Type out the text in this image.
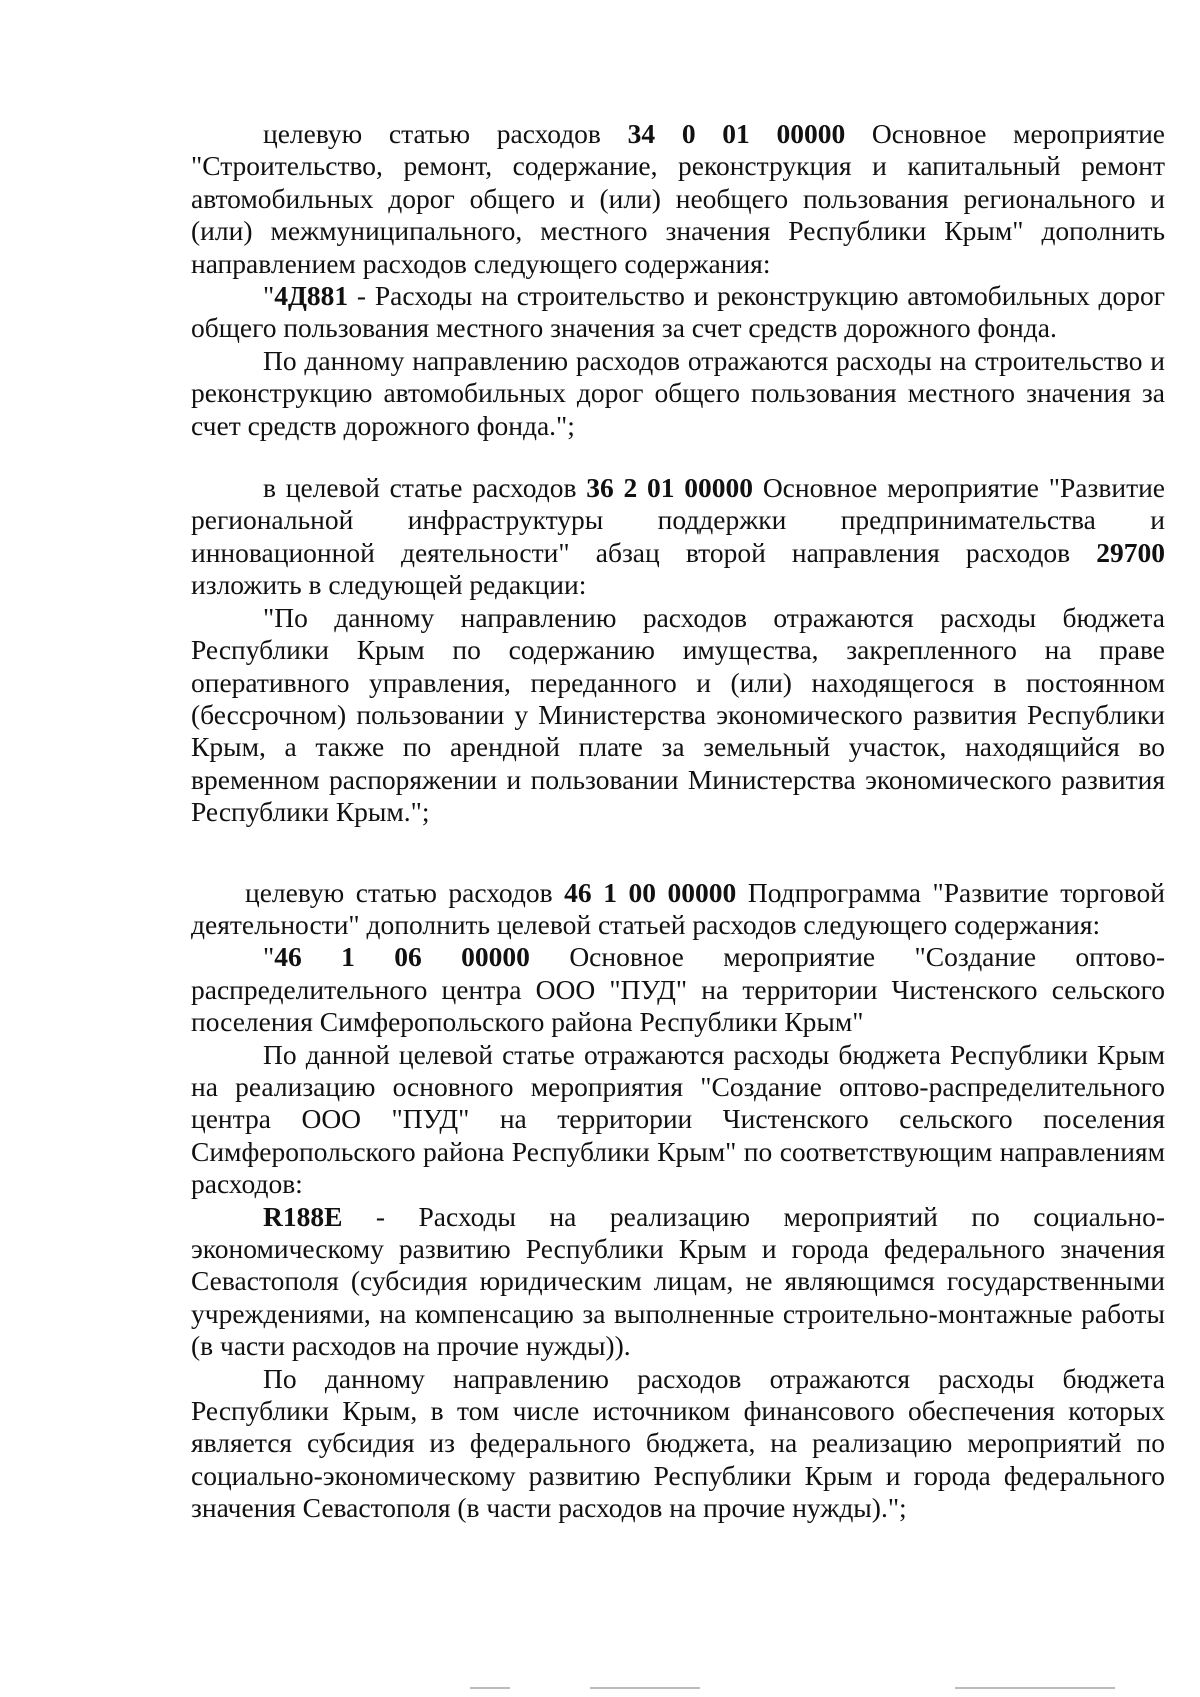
целевую статью расходов 34 0 01 00000 Основное мероприятие "Строительство, ремонт, содержание, реконструкция и капитальный ремонт автомобильных дорог общего и (или) необщего пользования регионального и (или) межмуниципального, местного значения Республики Крым" дополнить направлением расходов следующего содержания:

"4Д881 - Расходы на строительство и реконструкцию автомобильных дорог общего пользования местного значения за счет средств дорожного фонда.

По данному направлению расходов отражаются расходы на строительство и реконструкцию автомобильных дорог общего пользования местного значения за счет средств дорожного фонда.";

в целевой статье расходов 36 2 01 00000 Основное мероприятие "Развитие региональной инфраструктуры поддержки предпринимательства и инновационной деятельности" абзац второй направления расходов 29700 изложить в следующей редакции:

"По данному направлению расходов отражаются расходы бюджета Республики Крым по содержанию имущества, закрепленного на праве оперативного управления, переданного и (или) находящегося в постоянном (бессрочном) пользовании у Министерства экономического развития Республики Крым, а также по арендной плате за земельный участок, находящийся во временном распоряжении и пользовании Министерства экономического развития Республики Крым.";

целевую статью расходов 46 1 00 00000 Подпрограмма "Развитие торговой деятельности" дополнить целевой статьей расходов следующего содержания:

"46 1 06 00000 Основное мероприятие "Создание оптово-распределительного центра ООО "ПУД" на территории Чистенского сельского поселения Симферопольского района Республики Крым"

По данной целевой статье отражаются расходы бюджета Республики Крым на реализацию основного мероприятия "Создание оптово-распределительного центра ООО "ПУД" на территории Чистенского сельского поселения Симферопольского района Республики Крым" по соответствующим направлениям расходов:

R188E - Расходы на реализацию мероприятий по социально-экономическому развитию Республики Крым и города федерального значения Севастополя (субсидия юридическим лицам, не являющимся государственными учреждениями, на компенсацию за выполненные строительно-монтажные работы (в части расходов на прочие нужды)).

По данному направлению расходов отражаются расходы бюджета Республики Крым, в том числе источником финансового обеспечения которых является субсидия из федерального бюджета, на реализацию мероприятий по социально-экономическому развитию Республики Крым и города федерального значения Севастополя (в части расходов на прочие нужды).";
